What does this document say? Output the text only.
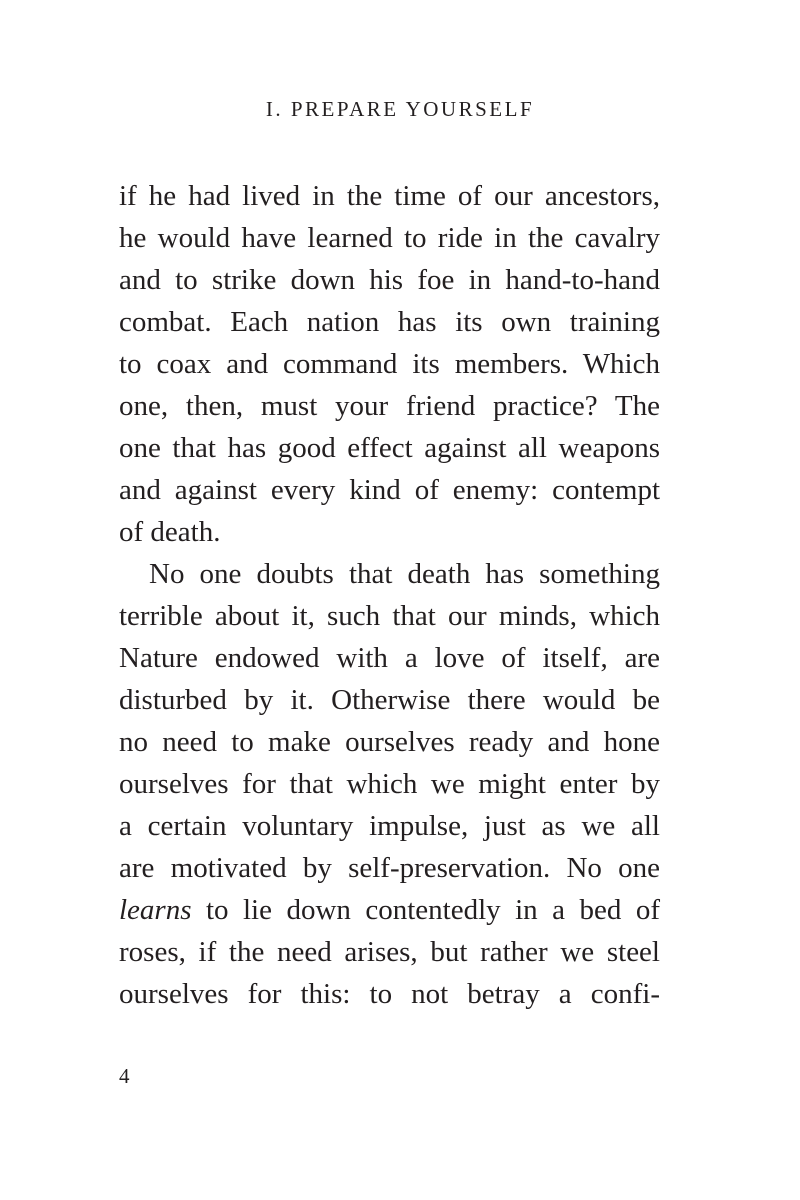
I. PREPARE YOURSELF
if he had lived in the time of our ancestors,
he would have learned to ride in the cavalry
and to strike down his foe in hand-to-hand
combat. Each nation has its own training
to coax and command its members. Which
one, then, must your friend practice? The
one that has good effect against all weapons
and against every kind of enemy: contempt
of death.
No one doubts that death has something
terrible about it, such that our minds, which
Nature endowed with a love of itself, are
disturbed by it. Otherwise there would be
no need to make ourselves ready and hone
ourselves for that which we might enter by
a certain voluntary impulse, just as we all
are motivated by self-preservation. No one
learns to lie down contentedly in a bed of
roses, if the need arises, but rather we steel
ourselves for this: to not betray a confi-
4
